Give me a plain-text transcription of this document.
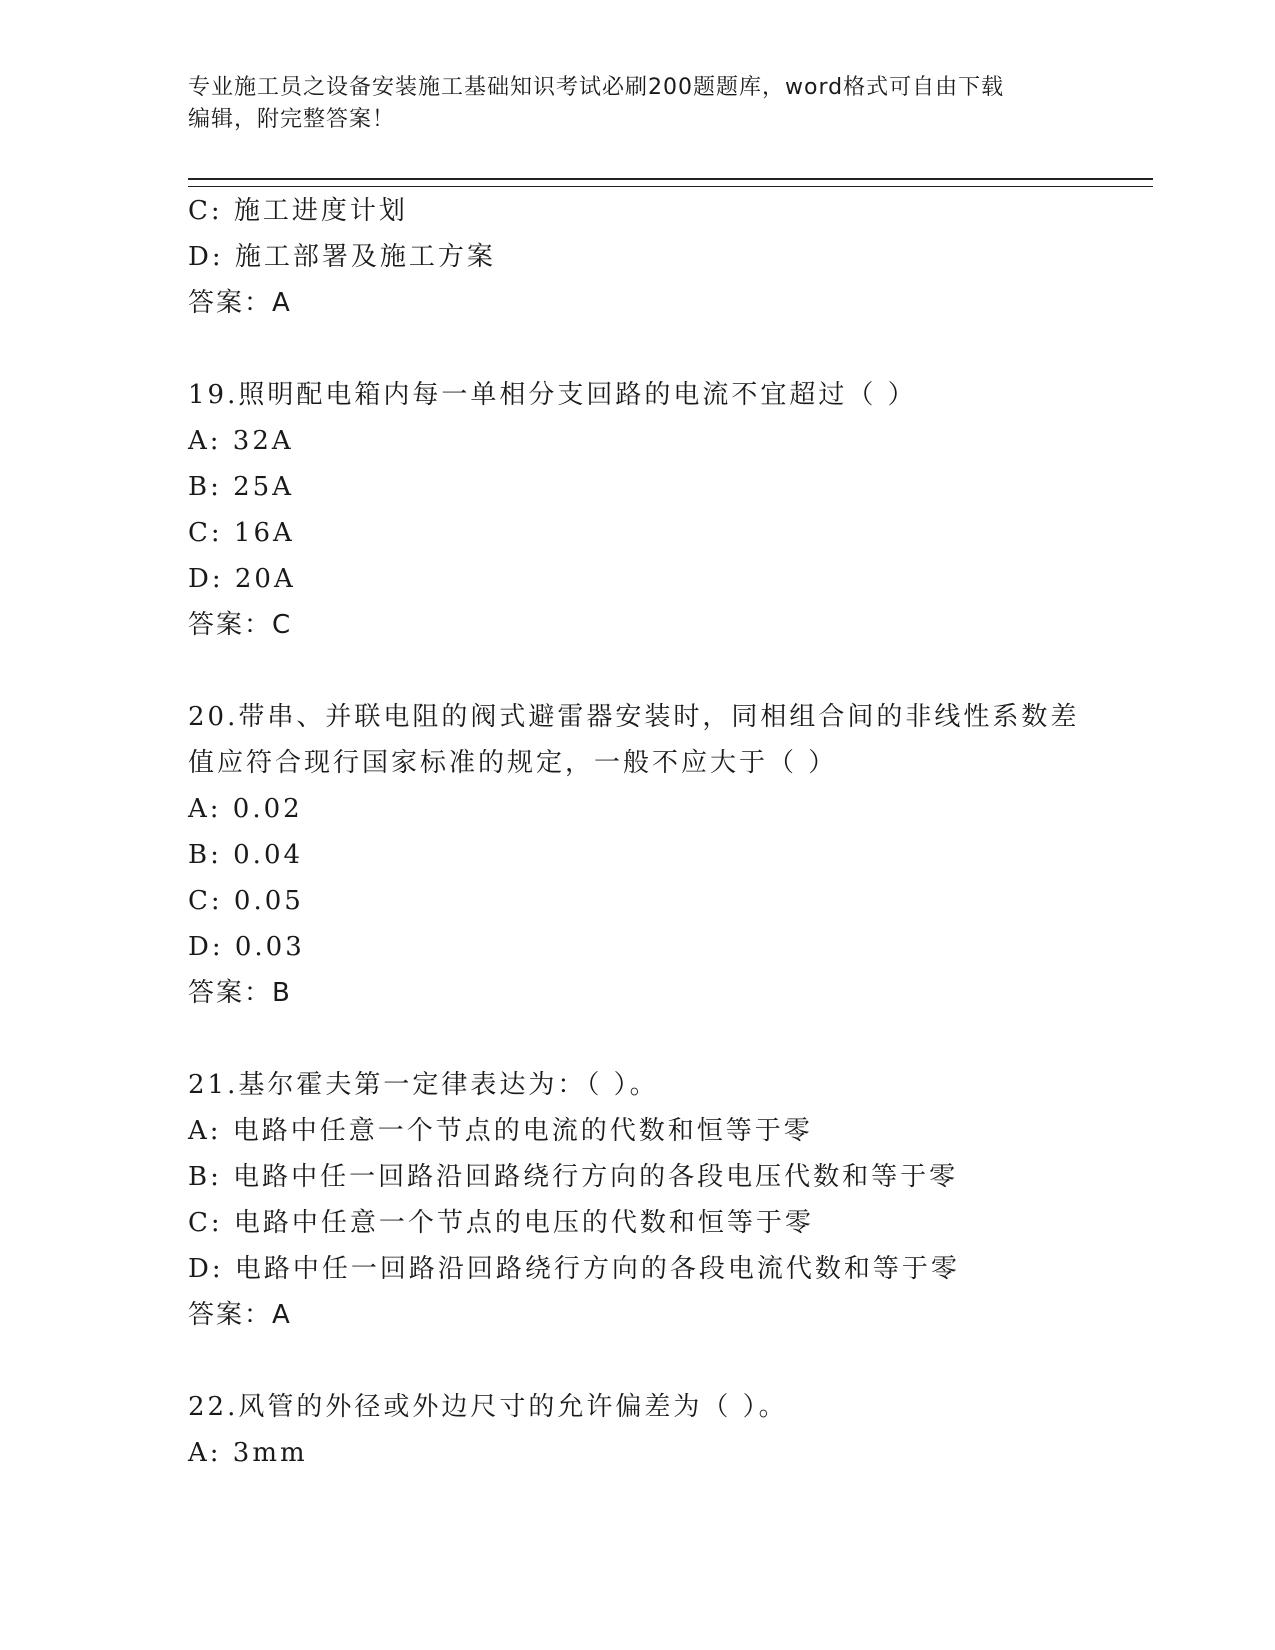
专业施工员之设备安装施工基础知识考试必刷200题题库，word格式可自由下载
编辑，附完整答案！
C: 施工进度计划
D: 施工部署及施工方案
答案：A
19.照明配电箱内每一单相分支回路的电流不宜超过（ ）
A: 32A
B: 25A
C: 16A
D: 20A
答案：C
20.带串、并联电阻的阀式避雷器安装时，同相组合间的非线性系数差
值应符合现行国家标准的规定，一般不应大于（ ）
A: 0.02
B: 0.04
C: 0.05
D: 0.03
答案：B
21.基尔霍夫第一定律表达为：（ ）。
A: 电路中任意一个节点的电流的代数和恒等于零
B: 电路中任一回路沿回路绕行方向的各段电压代数和等于零
C: 电路中任意一个节点的电压的代数和恒等于零
D: 电路中任一回路沿回路绕行方向的各段电流代数和等于零
答案：A
22.风管的外径或外边尺寸的允许偏差为（ ）。
A: 3mm
